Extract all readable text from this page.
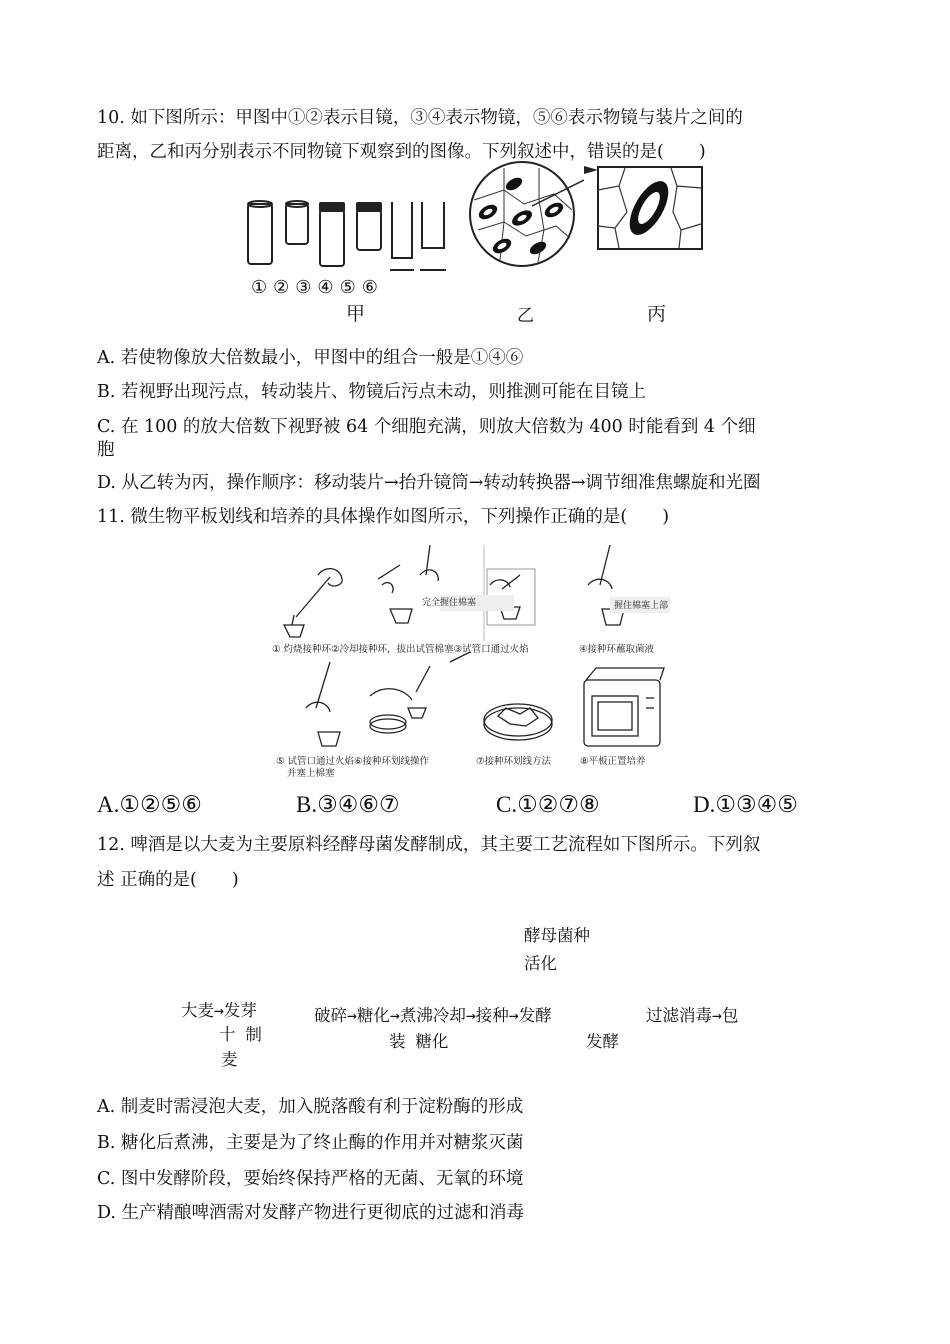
10. 如下图所示：甲图中①②表示目镜，③④表示物镜，⑤⑥表示物镜与装片之间的
距离，乙和丙分别表示不同物镜下观察到的图像。下列叙述中，错误的是(　　)
①②③④⑤⑥
甲	乙	丙
A. 若使物像放大倍数最小，甲图中的组合一般是①④⑥
B. 若视野出现污点，转动装片、物镜后污点未动，则推测可能在目镜上
C. 在 100 的放大倍数下视野被 64 个细胞充满，则放大倍数为 400 时能看到 4 个细
胞
D. 从乙转为丙，操作顺序：移动装片→抬升镜筒→转动转换器→调节细准焦螺旋和光圈
11. 微生物平板划线和培养的具体操作如图所示，下列操作正确的是(　　)
完全握住棉塞	握住棉塞上部
① 灼烧接种环②冷却接种环，拔出试管棉塞③试管口通过火焰	④接种环蘸取菌液
⑤ 试管口通过火焰⑥接种环划线操作
并塞上棉塞
⑦接种环划线方法	⑧平板正置培养
A.①②⑤⑥	B.③④⑥⑦	C.①②⑦⑧	D.①③④⑤
12. 啤酒是以大麦为主要原料经酵母菌发酵制成，其主要工艺流程如下图所示。下列叙
述 正确的是(　　)
酵母菌种
活化
大麦→发芽
十 制
麦
破碎→糖化→煮沸冷却→接种→发酵
装 糖化	发酵
过滤消毒→包
A. 制麦时需浸泡大麦，加入脱落酸有利于淀粉酶的形成
B. 糖化后煮沸，主要是为了终止酶的作用并对糖浆灭菌
C. 图中发酵阶段，要始终保持严格的无菌、无氧的环境
D. 生产精酿啤酒需对发酵产物进行更彻底的过滤和消毒
